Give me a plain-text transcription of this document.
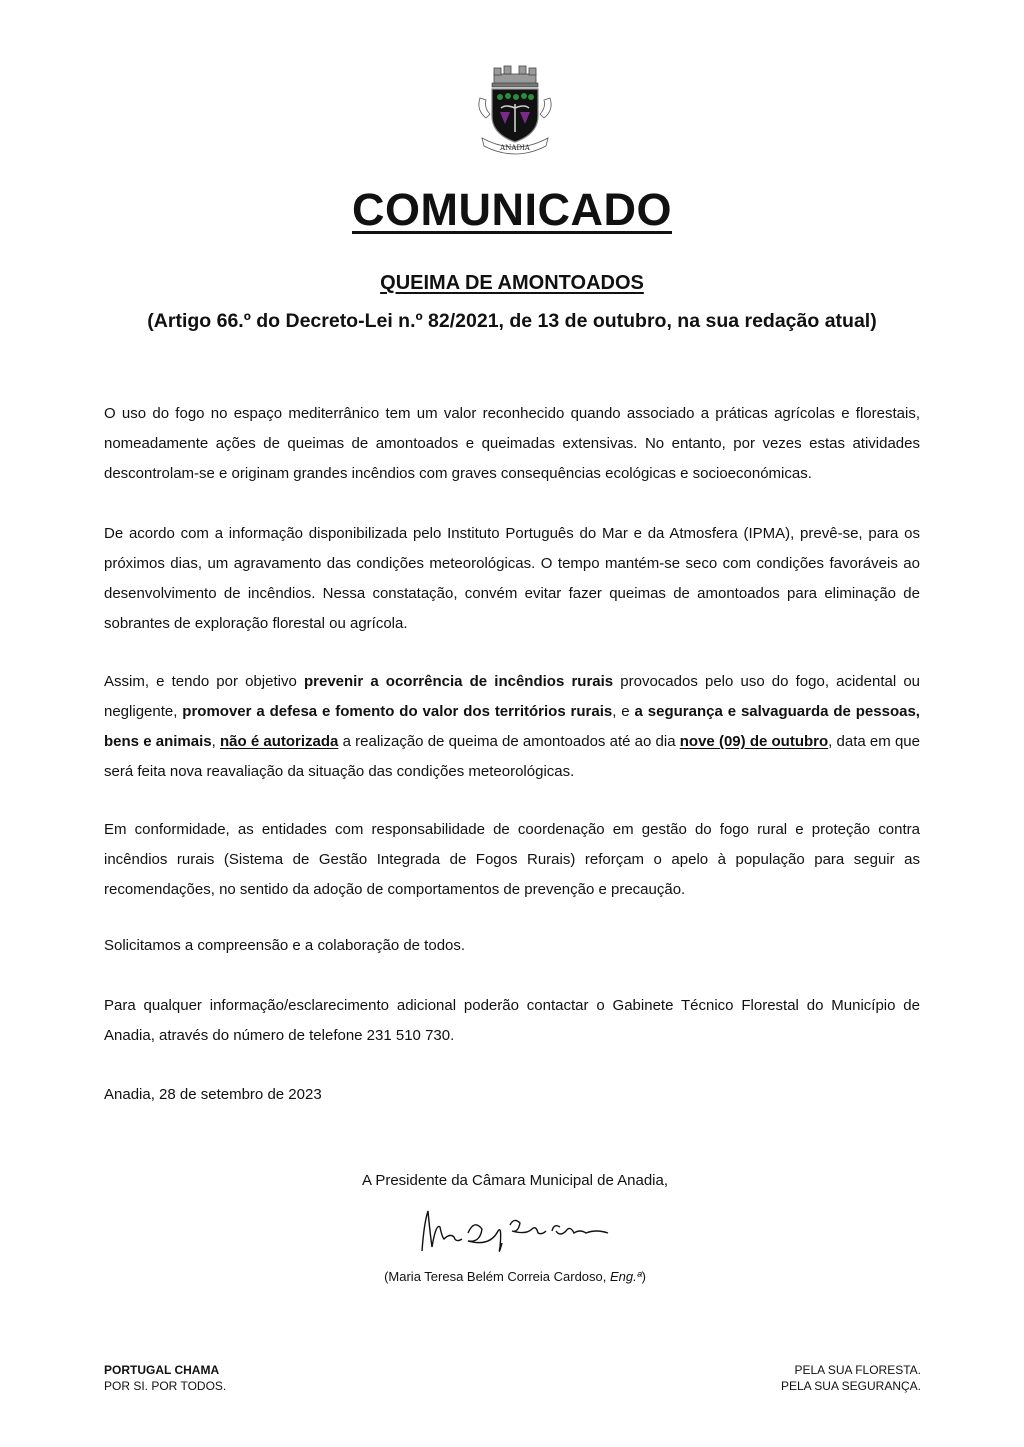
ANADIA
COMUNICADO
QUEIMA DE AMONTOADOS
(Artigo 66.º do Decreto-Lei n.º 82/2021, de 13 de outubro, na sua redação atual)
O uso do fogo no espaço mediterrânico tem um valor reconhecido quando associado a práticas agrícolas e florestais, nomeadamente ações de queimas de amontoados e queimadas extensivas. No entanto, por vezes estas atividades descontrolam-se e originam grandes incêndios com graves consequências ecológicas e socioeconómicas.
De acordo com a informação disponibilizada pelo Instituto Português do Mar e da Atmosfera (IPMA), prevê-se, para os próximos dias, um agravamento das condições meteorológicas. O tempo mantém-se seco com condições favoráveis ao desenvolvimento de incêndios. Nessa constatação, convém evitar fazer queimas de amontoados para eliminação de sobrantes de exploração florestal ou agrícola.
Assim, e tendo por objetivo prevenir a ocorrência de incêndios rurais provocados pelo uso do fogo, acidental ou negligente, promover a defesa e fomento do valor dos territórios rurais, e a segurança e salvaguarda de pessoas, bens e animais, não é autorizada a realização de queima de amontoados até ao dia nove (09) de outubro, data em que será feita nova reavaliação da situação das condições meteorológicas.
Em conformidade, as entidades com responsabilidade de coordenação em gestão do fogo rural e proteção contra incêndios rurais (Sistema de Gestão Integrada de Fogos Rurais) reforçam o apelo à população para seguir as recomendações, no sentido da adoção de comportamentos de prevenção e precaução.
Solicitamos a compreensão e a colaboração de todos.
Para qualquer informação/esclarecimento adicional poderão contactar o Gabinete Técnico Florestal do Município de Anadia, através do número de telefone 231 510 730.
Anadia, 28 de setembro de 2023
A Presidente da Câmara Municipal de Anadia,
(Maria Teresa Belém Correia Cardoso, Eng.ª)
PORTUGAL CHAMA
POR SI. POR TODOS.
PELA SUA FLORESTA.
PELA SUA SEGURANÇA.
